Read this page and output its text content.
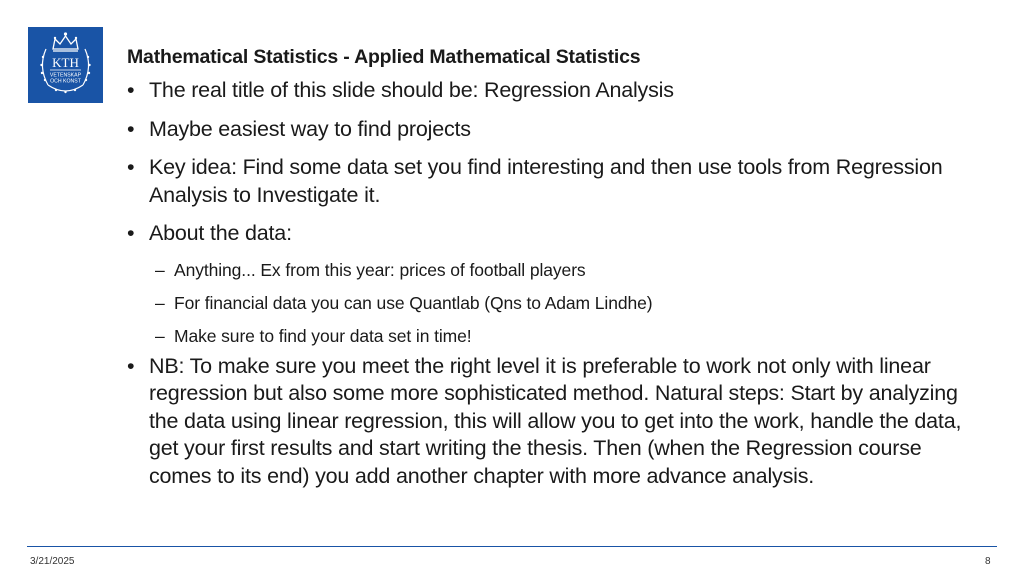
KTH
VETENSKAP
OCH KONST
Mathematical Statistics - Applied Mathematical Statistics
• The real title of this slide should be: Regression Analysis
• Maybe easiest way to find projects
• Key idea: Find some data set you find interesting and then use tools from Regression Analysis to Investigate it.
• About the data:
– Anything... Ex from this year: prices of football players
– For financial data you can use Quantlab (Qns to Adam Lindhe)
– Make sure to find your data set in time!
• NB: To make sure you meet the right level it is preferable to work not only with linear regression but also some more sophisticated method. Natural steps: Start by analyzing the data using linear regression, this will allow you to get into the work, handle the data, get your first results and start writing the thesis. Then (when the Regression course comes to its end) you add another chapter with more advance analysis.
3/21/2025	8
